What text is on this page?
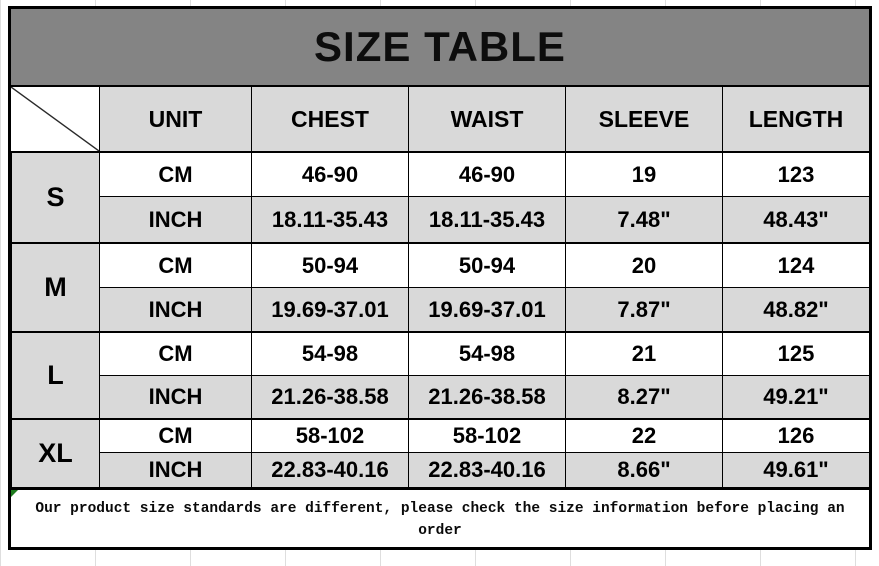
SIZE TABLE
UNIT	CHEST	WAIST	SLEEVE	LENGTH
S
CM	46-90	46-90	19	123
INCH	18.11-35.43	18.11-35.43	7.48"	48.43"
M
CM	50-94	50-94	20	124
INCH	19.69-37.01	19.69-37.01	7.87"	48.82"
L
CM	54-98	54-98	21	125
INCH	21.26-38.58	21.26-38.58	8.27"	49.21"
XL
CM	58-102	58-102	22	126
INCH	22.83-40.16	22.83-40.16	8.66"	49.61"
Our product size standards are different, please check the size information before placing an order
